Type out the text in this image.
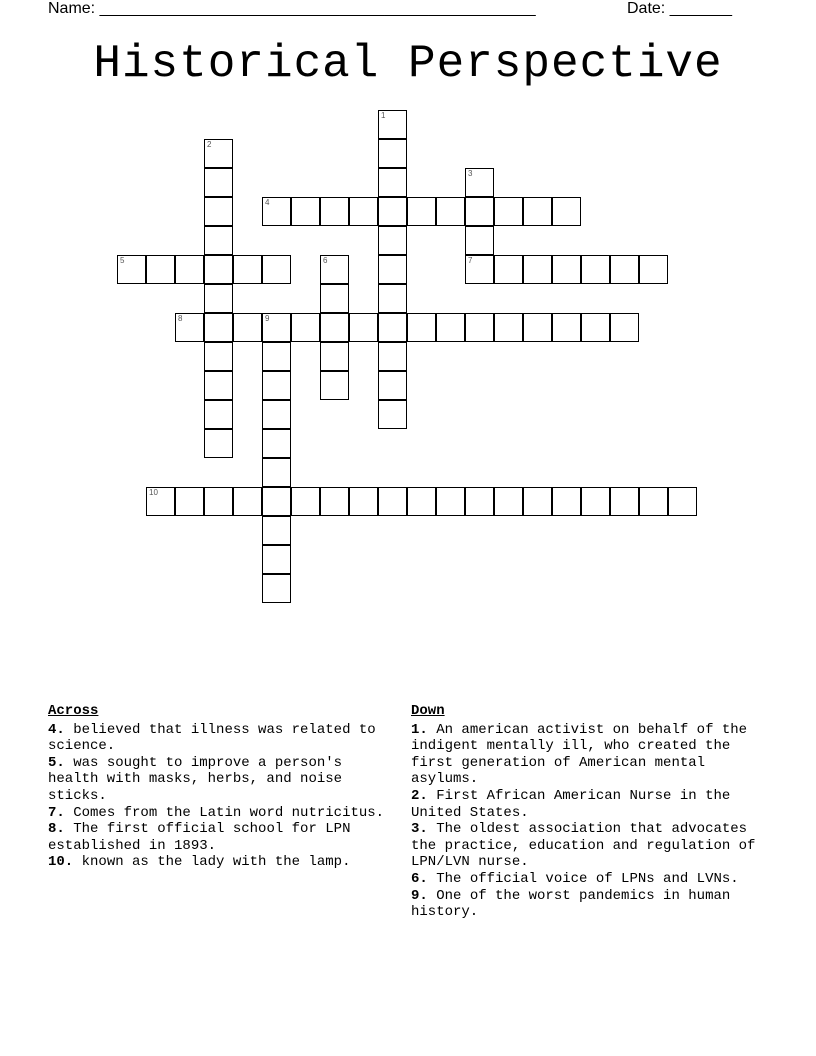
Name: _________________________________________________	Date: _______
Historical Perspective
1
2
3
4
5	6	7
8	9
10
Across
4. believed that illness was related to science.
5. was sought to improve a person's health with masks, herbs, and noise sticks.
7. Comes from the Latin word nutricitus.
8. The first official school for LPN established in 1893.
10. known as the lady with the lamp.
Down
1. An american activist on behalf of the indigent mentally ill, who created the first generation of American mental asylums.
2. First African American Nurse in the United States.
3. The oldest association that advocates the practice, education and regulation of LPN/LVN nurse.
6. The official voice of LPNs and LVNs.
9. One of the worst pandemics in human history.
